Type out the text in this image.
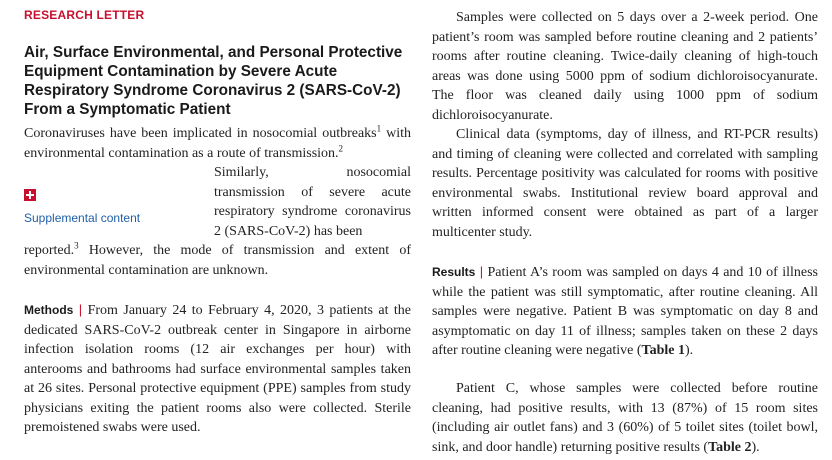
RESEARCH LETTER
Air, Surface Environmental, and Personal Protective Equipment Contamination by Severe Acute Respiratory Syndrome Coronavirus 2 (SARS-CoV-2) From a Symptomatic Patient

Coronaviruses have been implicated in nosocomial outbreaks$^1$ with environmental contamination as a route of transmission.$^2$

Supplemental content

Similarly, nosocomial transmission of severe acute respiratory syndrome coronavirus 2 (SARS-CoV-2) has been

reported.$^3$ However, the mode of transmission and extent of environmental contamination are unknown.

Methods | From January 24 to February 4, 2020, 3 patients at the dedicated SARS-CoV-2 outbreak center in Singapore in airborne infection isolation rooms (12 air exchanges per hour) with anterooms and bathrooms had surface environmental samples taken at 26 sites. Personal protective equipment (PPE) samples from study physicians exiting the patient rooms also were collected. Sterile premoistened swabs were used.

Samples were collected on 5 days over a 2-week period. One patient’s room was sampled before routine cleaning and 2 patients’ rooms after routine cleaning. Twice-daily cleaning of high-touch areas was done using 5000 ppm of sodium dichloroisocyanurate. The floor was cleaned daily using 1000 ppm of sodium dichloroisocyanurate.

Clinical data (symptoms, day of illness, and RT-PCR results) and timing of cleaning were collected and correlated with sampling results. Percentage positivity was calculated for rooms with positive environmental swabs. Institutional review board approval and written informed consent were obtained as part of a larger multicenter study.

Results | Patient A’s room was sampled on days 4 and 10 of illness while the patient was still symptomatic, after routine cleaning. All samples were negative. Patient B was symptomatic on day 8 and asymptomatic on day 11 of illness; samples taken on these 2 days after routine cleaning were negative (Table 1).

Patient C, whose samples were collected before routine cleaning, had positive results, with 13 (87%) of 15 room sites (including air outlet fans) and 3 (60%) of 5 toilet sites (toilet bowl, sink, and door handle) returning positive results (Table 2).
